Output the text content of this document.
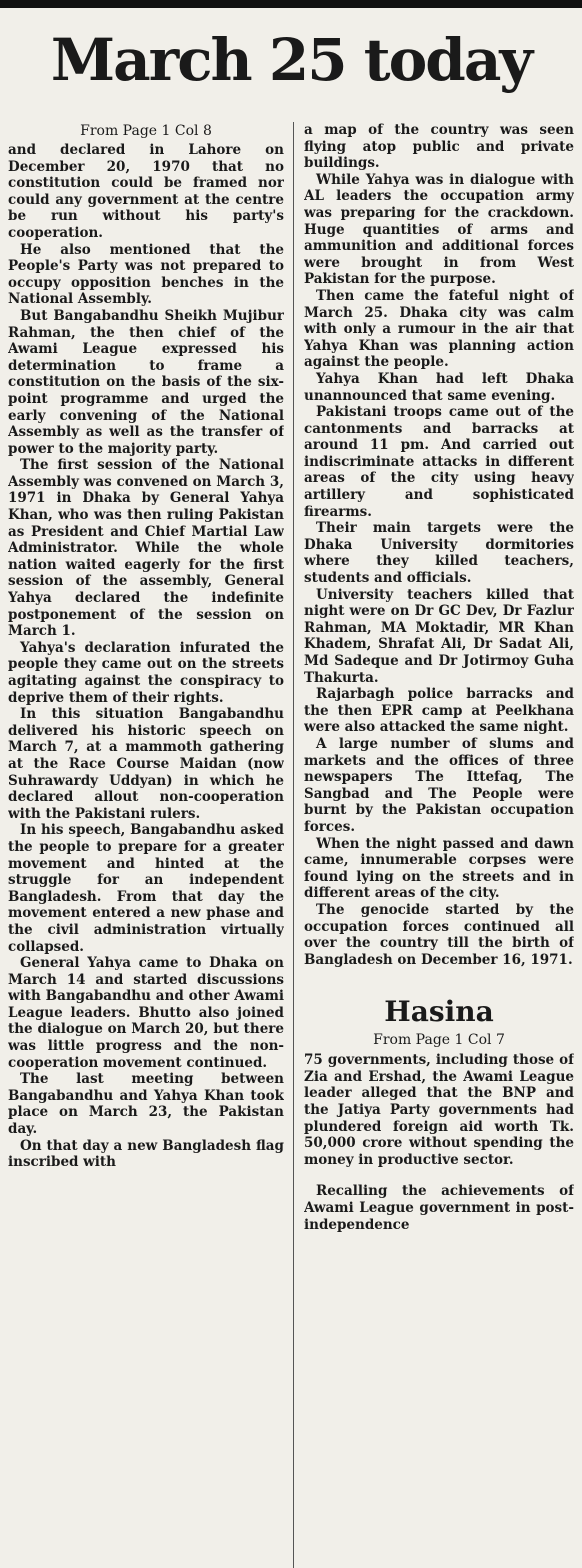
March 25 today
From Page 1 Col 8

and declared in Lahore on December 20, 1970 that no constitution could be framed nor could any government at the centre be run without his party's cooperation.

He also mentioned that the People's Party was not prepared to occupy opposition benches in the National Assembly.

But Bangabandhu Sheikh Mujibur Rahman, the then chief of the Awami League expressed his determination to frame a constitution on the basis of the six-point programme and urged the early convening of the National Assembly as well as the transfer of power to the majority party.

The first session of the National Assembly was convened on March 3, 1971 in Dhaka by General Yahya Khan, who was then ruling Pakistan as President and Chief Martial Law Administrator. While the whole nation waited eagerly for the first session of the assembly, General Yahya declared the indefinite postponement of the session on March 1.

Yahya's declaration infurated the people they came out on the streets agitating against the conspiracy to deprive them of their rights.

In this situation Bangabandhu delivered his historic speech on March 7, at a mammoth gathering at the Race Course Maidan (now Suhrawardy Uddyan) in which he declared allout non-cooperation with the Pakistani rulers.

In his speech, Bangabandhu asked the people to prepare for a greater movement and hinted at the struggle for an independent Bangladesh. From that day the movement entered a new phase and the civil administration virtually collapsed.

General Yahya came to Dhaka on March 14 and started discussions with Bangabandhu and other Awami League leaders. Bhutto also joined the dialogue on March 20, but there was little progress and the non-cooperation movement continued.

The last meeting between Bangabandhu and Yahya Khan took place on March 23, the Pakistan day.

On that day a new Bangladesh flag inscribed with

a map of the country was seen flying atop public and private buildings.

While Yahya was in dialogue with AL leaders the occupation army was preparing for the crackdown. Huge quantities of arms and ammunition and additional forces were brought in from West Pakistan for the purpose.

Then came the fateful night of March 25. Dhaka city was calm with only a rumour in the air that Yahya Khan was planning action against the people.

Yahya Khan had left Dhaka unannounced that same evening.

Pakistani troops came out of the cantonments and barracks at around 11 pm. And carried out indiscriminate attacks in different areas of the city using heavy artillery and sophisticated firearms.

Their main targets were the Dhaka University dormitories where they killed teachers, students and officials.

University teachers killed that night were on Dr GC Dev, Dr Fazlur Rahman, MA Moktadir, MR Khan Khadem, Shrafat Ali, Dr Sadat Ali, Md Sadeque and Dr Jotirmoy Guha Thakurta.

Rajarbagh police barracks and the then EPR camp at Peelkhana were also attacked the same night.

A large number of slums and markets and the offices of three newspapers The Ittefaq, The Sangbad and The People were burnt by the Pakistan occupation forces.

When the night passed and dawn came, innumerable corpses were found lying on the streets and in different areas of the city.

The genocide started by the occupation forces continued all over the country till the birth of Bangladesh on December 16, 1971.

Hasina
From Page 1 Col 7

75 governments, including those of Zia and Ershad, the Awami League leader alleged that the BNP and the Jatiya Party governments had plundered foreign aid worth Tk. 50,000 crore without spending the money in productive sector.

Recalling the achievements of Awami League government in post-independence
